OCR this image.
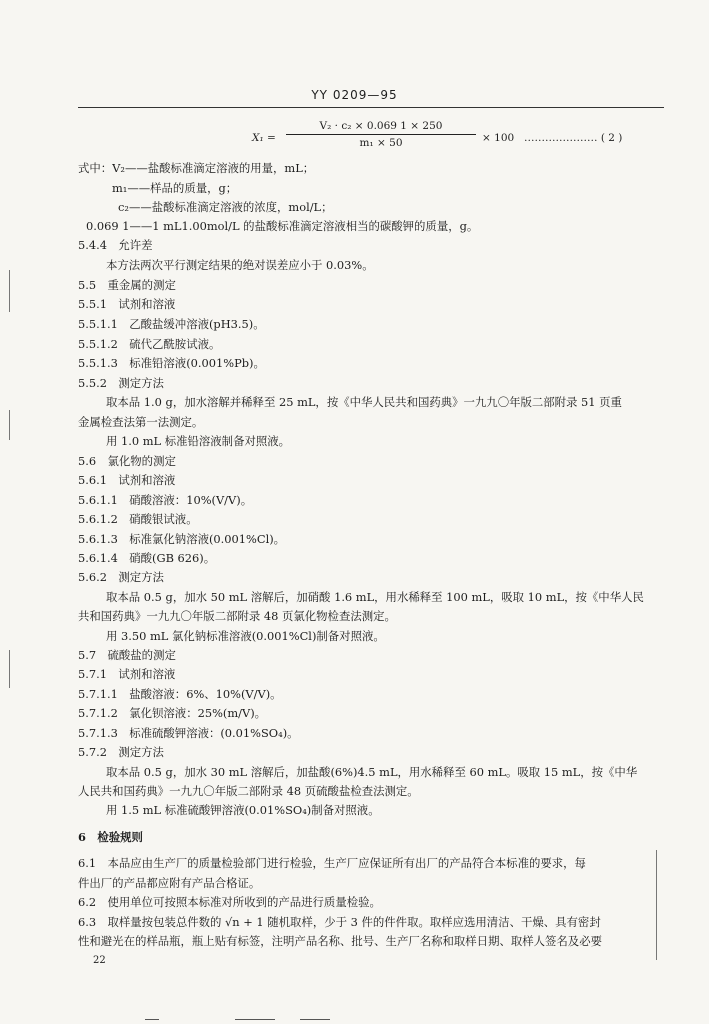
YY 0209—95
X₁ =
V₂ · c₂ × 0.069 1 × 250
m₁ × 50	× 100 ………………… ( 2 )
式中：V₂——盐酸标准滴定溶液的用量，mL；
m₁——样品的质量，g；
c₂——盐酸标准滴定溶液的浓度，mol/L；
0.069 1——1 mL1.00mol/L 的盐酸标准滴定溶液相当的碳酸钾的质量，g。
5.4.4　允许差
本方法两次平行测定结果的绝对误差应小于 0.03%。
5.5　重金属的测定
5.5.1　试剂和溶液
5.5.1.1　乙酸盐缓冲溶液(pH3.5)。
5.5.1.2　硫代乙酰胺试液。
5.5.1.3　标准铅溶液(0.001%Pb)。
5.5.2　测定方法
取本品 1.0 g，加水溶解并稀释至 25 mL，按《中华人民共和国药典》一九九〇年版二部附录 51 页重
金属检查法第一法测定。
用 1.0 mL 标准铅溶液制备对照液。
5.6　氯化物的测定
5.6.1　试剂和溶液
5.6.1.1　硝酸溶液：10%(V/V)。
5.6.1.2　硝酸银试液。
5.6.1.3　标准氯化钠溶液(0.001%Cl)。
5.6.1.4　硝酸(GB 626)。
5.6.2　测定方法
取本品 0.5 g，加水 50 mL 溶解后，加硝酸 1.6 mL，用水稀释至 100 mL，吸取 10 mL，按《中华人民
共和国药典》一九九〇年版二部附录 48 页氯化物检查法测定。
用 3.50 mL 氯化钠标准溶液(0.001%Cl)制备对照液。
5.7　硫酸盐的测定
5.7.1　试剂和溶液
5.7.1.1　盐酸溶液：6%、10%(V/V)。
5.7.1.2　氯化钡溶液：25%(m/V)。
5.7.1.3　标准硫酸钾溶液：(0.01%SO₄)。
5.7.2　测定方法
取本品 0.5 g，加水 30 mL 溶解后，加盐酸(6%)4.5 mL，用水稀释至 60 mL。吸取 15 mL，按《中华
人民共和国药典》一九九〇年版二部附录 48 页硫酸盐检查法测定。
用 1.5 mL 标准硫酸钾溶液(0.01%SO₄)制备对照液。
6　检验规则
6.1　本品应由生产厂的质量检验部门进行检验，生产厂应保证所有出厂的产品符合本标准的要求，每
件出厂的产品都应附有产品合格证。
6.2　使用单位可按照本标准对所收到的产品进行质量检验。
6.3　取样量按包装总件数的 √n + 1 随机取样，少于 3 件的件件取。取样应选用清洁、干燥、具有密封
性和避光在的样品瓶，瓶上贴有标签，注明产品名称、批号、生产厂名称和取样日期、取样人签名及必要
22
